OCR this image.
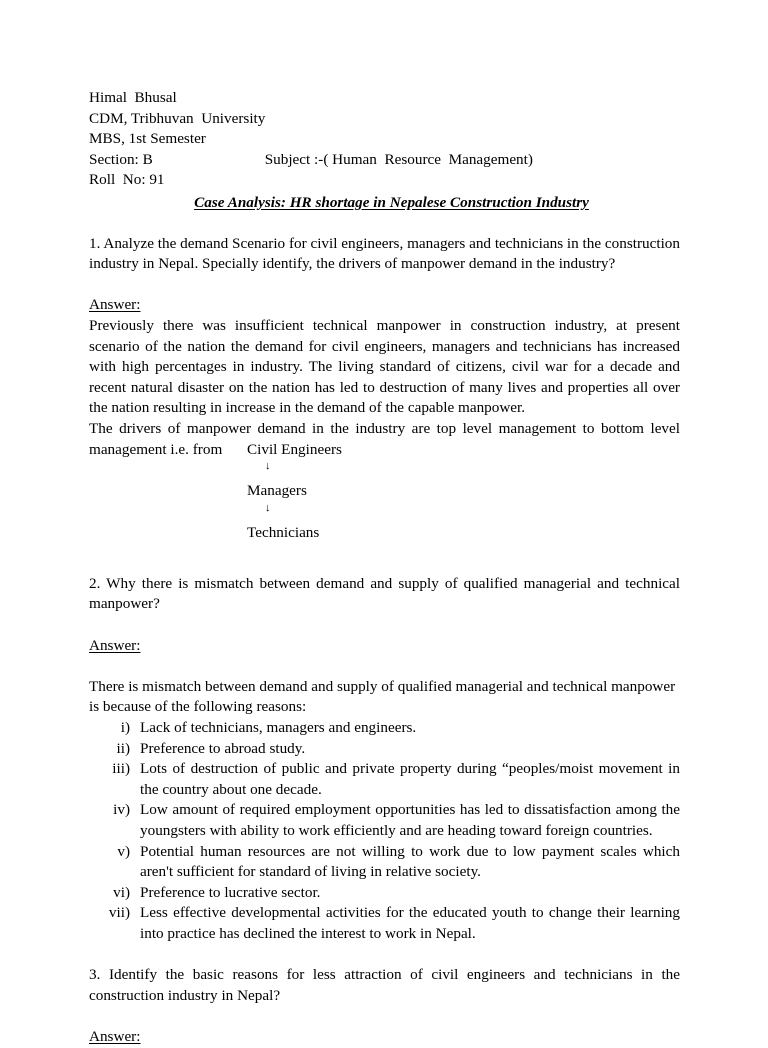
Himal  Bhusal
CDM, Tribhuvan  University
MBS, 1st Semester
Section: B	Subject :-( Human  Resource  Management)
Roll  No: 91
Case Analysis: HR shortage in Nepalese Construction Industry

1. Analyze the demand Scenario for civil engineers, managers and technicians in the construction industry in Nepal. Specially identify, the drivers of manpower demand in the industry?

Answer:

Previously there was insufficient technical manpower in construction industry, at present scenario of the nation the demand for civil engineers, managers and technicians has increased with high percentages in industry. The living standard of citizens, civil war for a decade and recent natural disaster on the nation has led to destruction of many lives and properties all over the nation resulting in increase in the demand of the capable manpower.

The drivers of manpower demand in the industry are top level management to bottom level management i.e. from	Civil Engineers
↓
Managers
↓
Technicians

2. Why there is mismatch between demand and supply of qualified managerial and technical manpower?

Answer:

There is mismatch between demand and supply of qualified managerial and technical manpower is because of the following reasons:

i) Lack of technicians, managers and engineers.
ii) Preference to abroad study.
iii) Lots of destruction of public and private property during “peoples/moist movement in the country about one decade.
iv) Low amount of required employment opportunities has led to dissatisfaction among the youngsters with ability to work efficiently and are heading toward foreign countries.
v) Potential human resources are not willing to work due to low payment scales which aren't sufficient for standard of living in relative society.
vi) Preference to lucrative sector.
vii) Less effective developmental activities for the educated youth to change their learning into practice has declined the interest to work in Nepal.

3. Identify the basic reasons for less attraction of civil engineers and technicians in the construction industry in Nepal?

Answer:
